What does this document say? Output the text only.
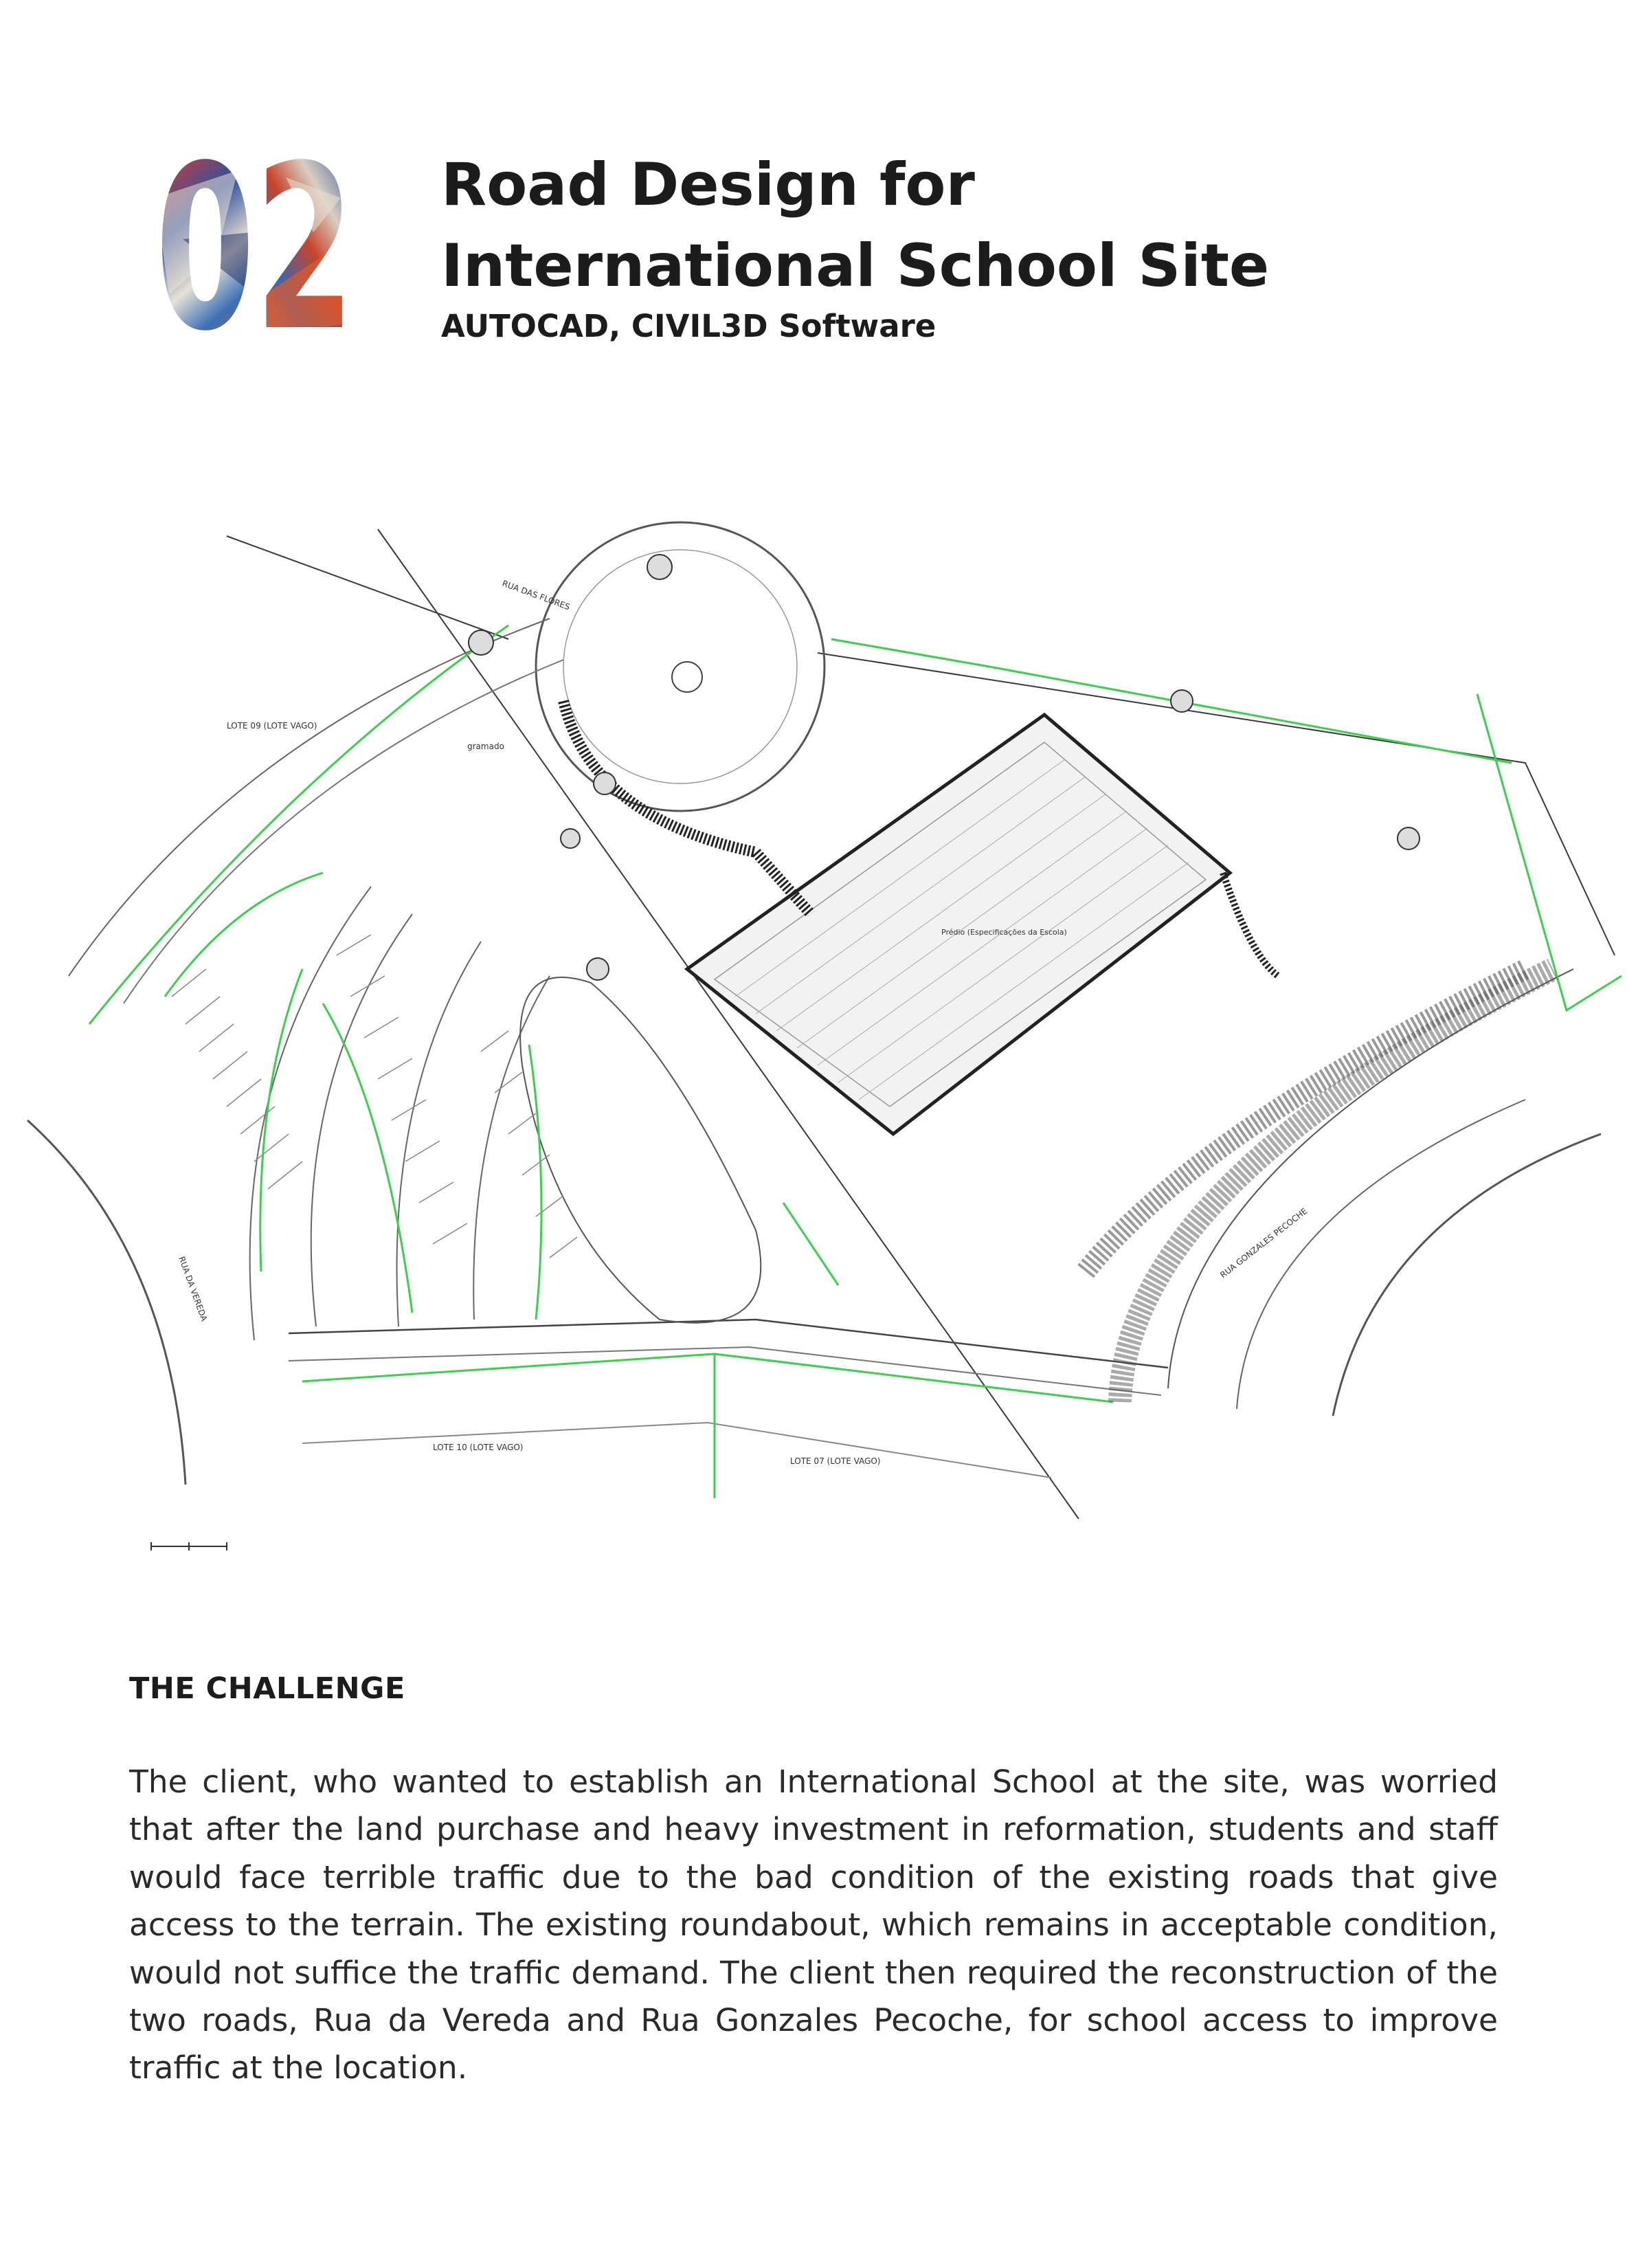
Road Design for
International School Site
AUTOCAD, CIVIL3D Software
Prédio (Especificações da Escola)
RUA DAS FLORES
RUA DA VEREDA
RUA GONZALES PECOCHE
LOTE 09 (LOTE VAGO)
LOTE 10 (LOTE VAGO)
LOTE 07 (LOTE VAGO)
gramado
THE CHALLENGE

The client, who wanted to establish an International School at the site, was worried that after the land purchase and heavy investment in reformation, students and staff would face terrible traffic due to the bad condition of the existing roads that give access to the terrain. The existing roundabout, which remains in acceptable condition, would not suffice the traffic demand. The client then required the reconstruction of the two roads, Rua da Vereda and Rua Gonzales Pecoche, for school access to improve traffic at the location.
